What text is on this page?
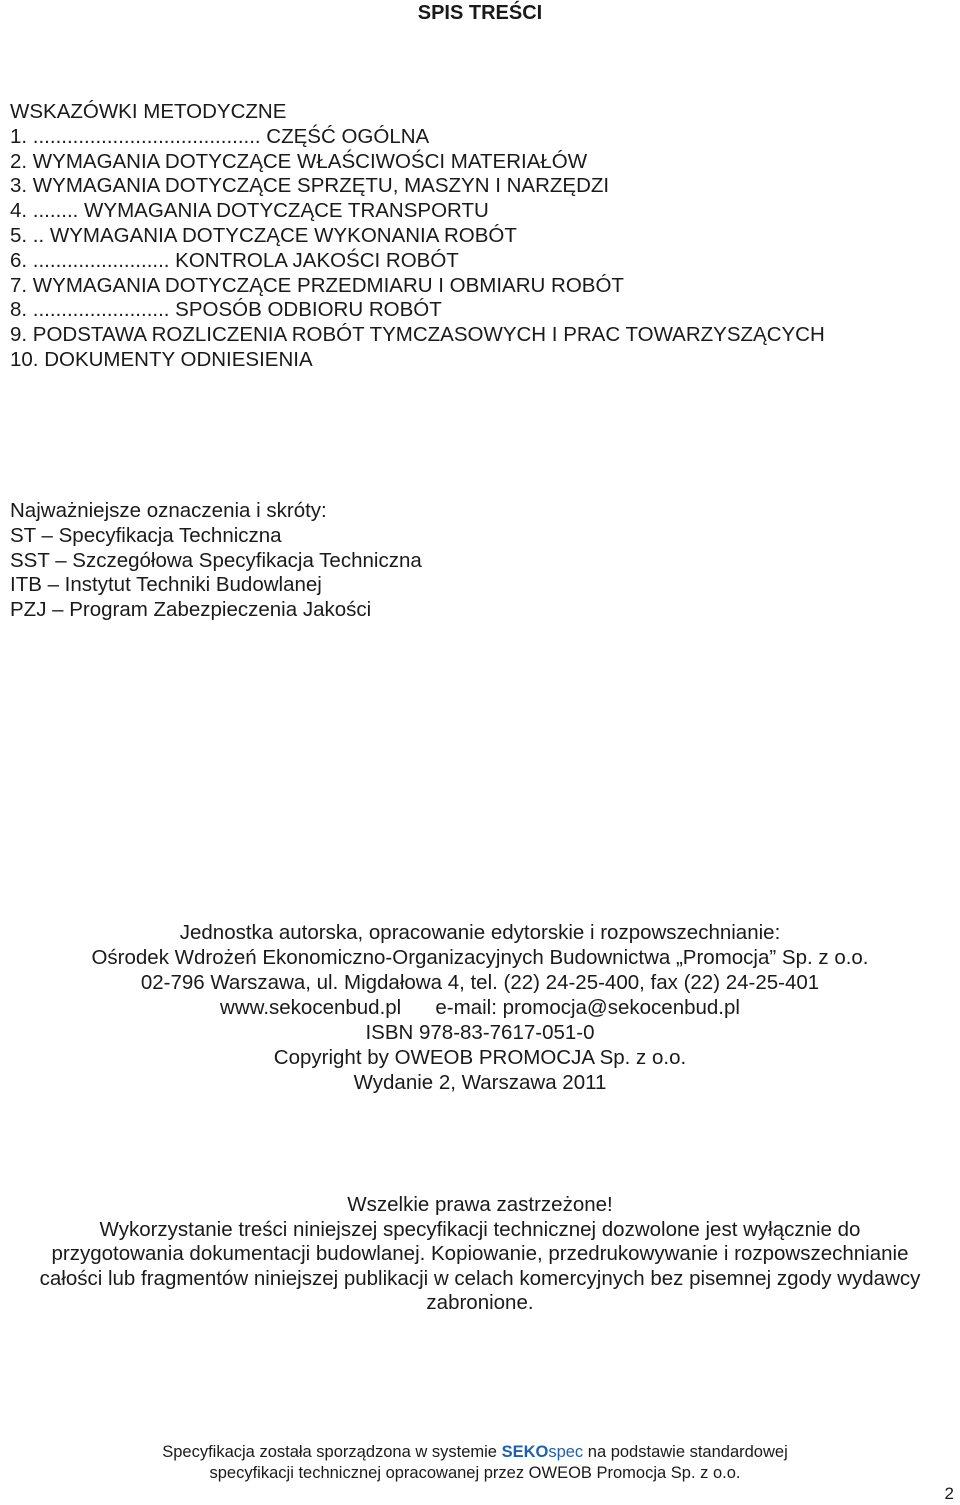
SPIS TREŚCI
WSKAZÓWKI METODYCZNE
1. ........................................ CZĘŚĆ OGÓLNA
2. WYMAGANIA DOTYCZĄCE WŁAŚCIWOŚCI MATERIAŁÓW
3. WYMAGANIA DOTYCZĄCE SPRZĘTU, MASZYN I NARZĘDZI
4. ........ WYMAGANIA DOTYCZĄCE TRANSPORTU
5. .. WYMAGANIA DOTYCZĄCE WYKONANIA ROBÓT
6. ........................ KONTROLA JAKOŚCI ROBÓT
7. WYMAGANIA DOTYCZĄCE PRZEDMIARU I OBMIARU ROBÓT
8. ........................ SPOSÓB ODBIORU ROBÓT
9. PODSTAWA ROZLICZENIA ROBÓT TYMCZASOWYCH I PRAC TOWARZYSZĄCYCH
10. DOKUMENTY ODNIESIENIA
Najważniejsze oznaczenia i skróty:
ST – Specyfikacja Techniczna
SST – Szczegółowa Specyfikacja Techniczna
ITB – Instytut Techniki Budowlanej
PZJ – Program Zabezpieczenia Jakości
Jednostka autorska, opracowanie edytorskie i rozpowszechnianie:
Ośrodek Wdrożeń Ekonomiczno-Organizacyjnych Budownictwa „Promocja” Sp. z o.o.
02-796 Warszawa, ul. Migdałowa 4, tel. (22) 24-25-400, fax (22) 24-25-401
www.sekocenbud.pl      e-mail: promocja@sekocenbud.pl
ISBN 978-83-7617-051-0
Copyright by OWEOB PROMOCJA Sp. z o.o.
Wydanie 2, Warszawa 2011
Wszelkie prawa zastrzeżone!
Wykorzystanie treści niniejszej specyfikacji technicznej dozwolone jest wyłącznie do
przygotowania dokumentacji budowlanej. Kopiowanie, przedrukowywanie i rozpowszechnianie
całości lub fragmentów niniejszej publikacji w celach komercyjnych bez pisemnej zgody wydawcy
zabronione.
Specyfikacja została sporządzona w systemie SEKOspec na podstawie standardowej
specyfikacji technicznej opracowanej przez OWEOB Promocja Sp. z o.o.
2
